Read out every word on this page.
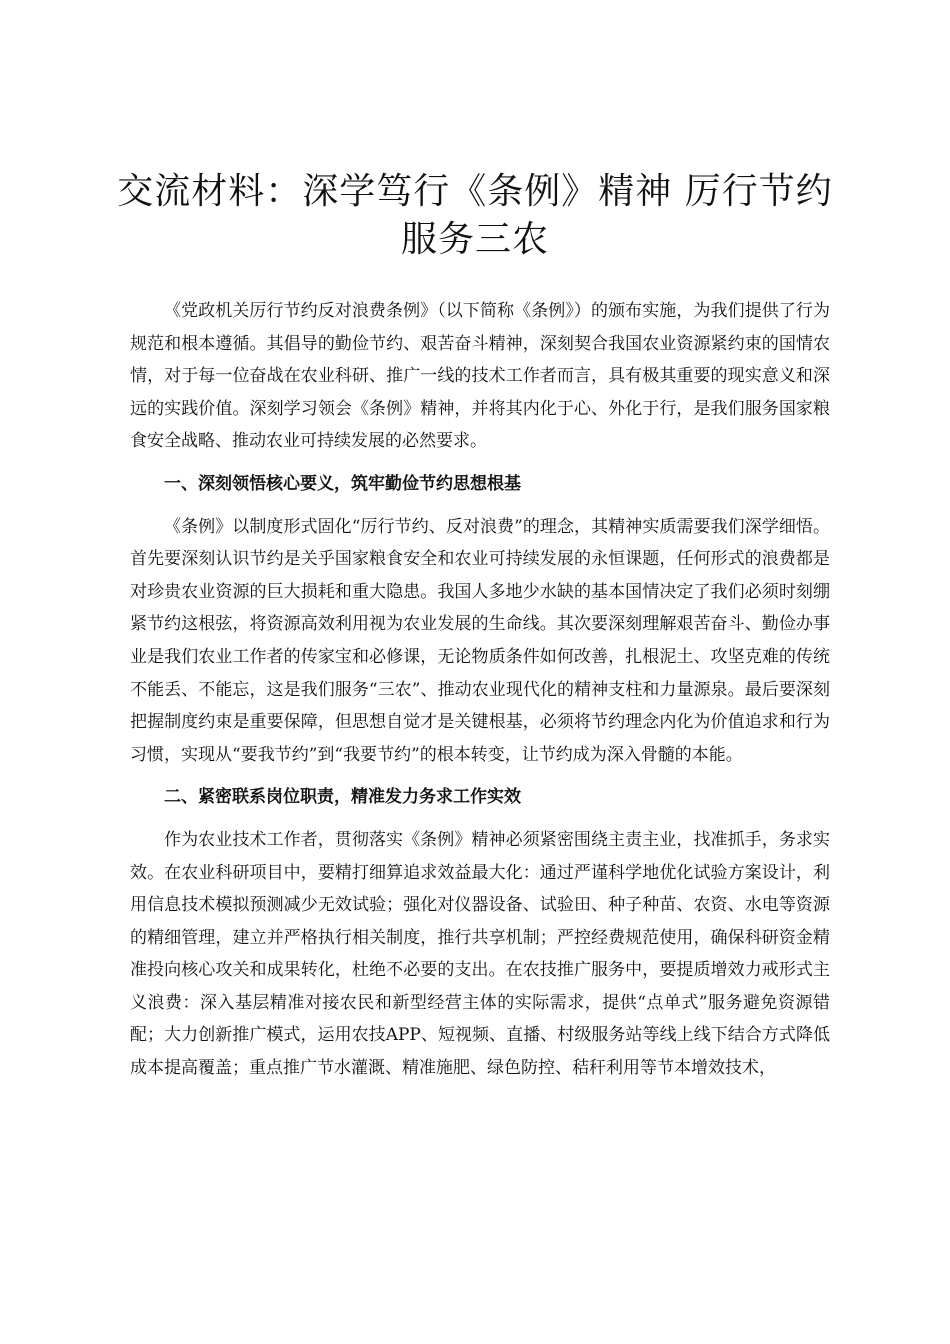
交流材料：深学笃行《条例》精神 厉行节约服务三农

《党政机关厉行节约反对浪费条例》（以下简称《条例》）的颁布实施，为我们提供了行为规范和根本遵循。其倡导的勤俭节约、艰苦奋斗精神，深刻契合我国农业资源紧约束的国情农情，对于每一位奋战在农业科研、推广一线的技术工作者而言，具有极其重要的现实意义和深远的实践价值。深刻学习领会《条例》精神，并将其内化于心、外化于行，是我们服务国家粮食安全战略、推动农业可持续发展的必然要求。

一、深刻领悟核心要义，筑牢勤俭节约思想根基

《条例》以制度形式固化“厉行节约、反对浪费”的理念，其精神实质需要我们深学细悟。首先要深刻认识节约是关乎国家粮食安全和农业可持续发展的永恒课题，任何形式的浪费都是对珍贵农业资源的巨大损耗和重大隐患。我国人多地少水缺的基本国情决定了我们必须时刻绷紧节约这根弦，将资源高效利用视为农业发展的生命线。其次要深刻理解艰苦奋斗、勤俭办事业是我们农业工作者的传家宝和必修课，无论物质条件如何改善，扎根泥土、攻坚克难的传统不能丢、不能忘，这是我们服务“三农”、推动农业现代化的精神支柱和力量源泉。最后要深刻把握制度约束是重要保障，但思想自觉才是关键根基，必须将节约理念内化为价值追求和行为习惯，实现从“要我节约”到“我要节约”的根本转变，让节约成为深入骨髓的本能。

二、紧密联系岗位职责，精准发力务求工作实效

作为农业技术工作者，贯彻落实《条例》精神必须紧密围绕主责主业，找准抓手，务求实效。在农业科研项目中，要精打细算追求效益最大化：通过严谨科学地优化试验方案设计，利用信息技术模拟预测减少无效试验；强化对仪器设备、试验田、种子种苗、农资、水电等资源的精细管理，建立并严格执行相关制度，推行共享机制；严控经费规范使用，确保科研资金精准投向核心攻关和成果转化，杜绝不必要的支出。在农技推广服务中，要提质增效力戒形式主义浪费：深入基层精准对接农民和新型经营主体的实际需求，提供“点单式”服务避免资源错配；大力创新推广模式，运用农技APP、短视频、直播、村级服务站等线上线下结合方式降低成本提高覆盖；重点推广节水灌溉、精准施肥、绿色防控、秸秆利用等节本增效技术，
